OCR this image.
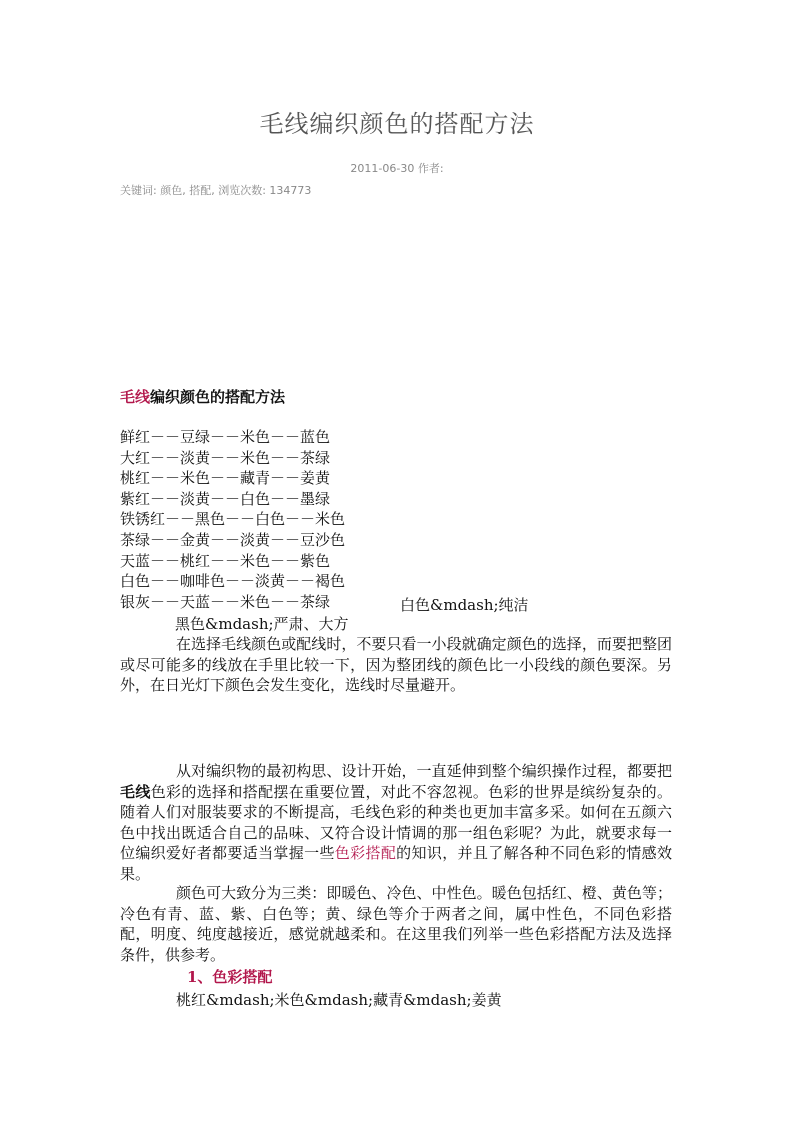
毛线编织颜色的搭配方法
2011-06-30 作者:
关键词: 颜色, 搭配, 浏览次数: 134773
毛线编织颜色的搭配方法
鲜红－－豆绿－－米色－－蓝色
大红－－淡黄－－米色－－茶绿
桃红－－米色－－藏青－－姜黄
紫红－－淡黄－－白色－－墨绿
铁锈红－－黑色－－白色－－米色
茶绿－－金黄－－淡黄－－豆沙色
天蓝－－桃红－－米色－－紫色
白色－－咖啡色－－淡黄－－褐色
银灰－－天蓝－－米色－－茶绿	白色&mdash;纯洁
黑色&mdash;严肃、大方
在选择毛线颜色或配线时，不要只看一小段就确定颜色的选择，而要把整团或尽可能多的线放在手里比较一下，因为整团线的颜色比一小段线的颜色要深。另外，在日光灯下颜色会发生变化，选线时尽量避开。
从对编织物的最初构思、设计开始，一直延伸到整个编织操作过程，都要把毛线色彩的选择和搭配摆在重要位置，对此不容忽视。色彩的世界是缤纷复杂的。随着人们对服装要求的不断提高，毛线色彩的种类也更加丰富多采。如何在五颜六色中找出既适合自己的品味、又符合设计情调的那一组色彩呢？为此，就要求每一位编织爱好者都要适当掌握一些色彩搭配的知识，并且了解各种不同色彩的情感效果。
颜色可大致分为三类：即暖色、冷色、中性色。暖色包括红、橙、黄色等；冷色有青、蓝、紫、白色等；黄、绿色等介于两者之间，属中性色，不同色彩搭配，明度、纯度越接近，感觉就越柔和。在这里我们列举一些色彩搭配方法及选择条件，供参考。
1、色彩搭配
桃红&mdash;米色&mdash;藏青&mdash;姜黄
